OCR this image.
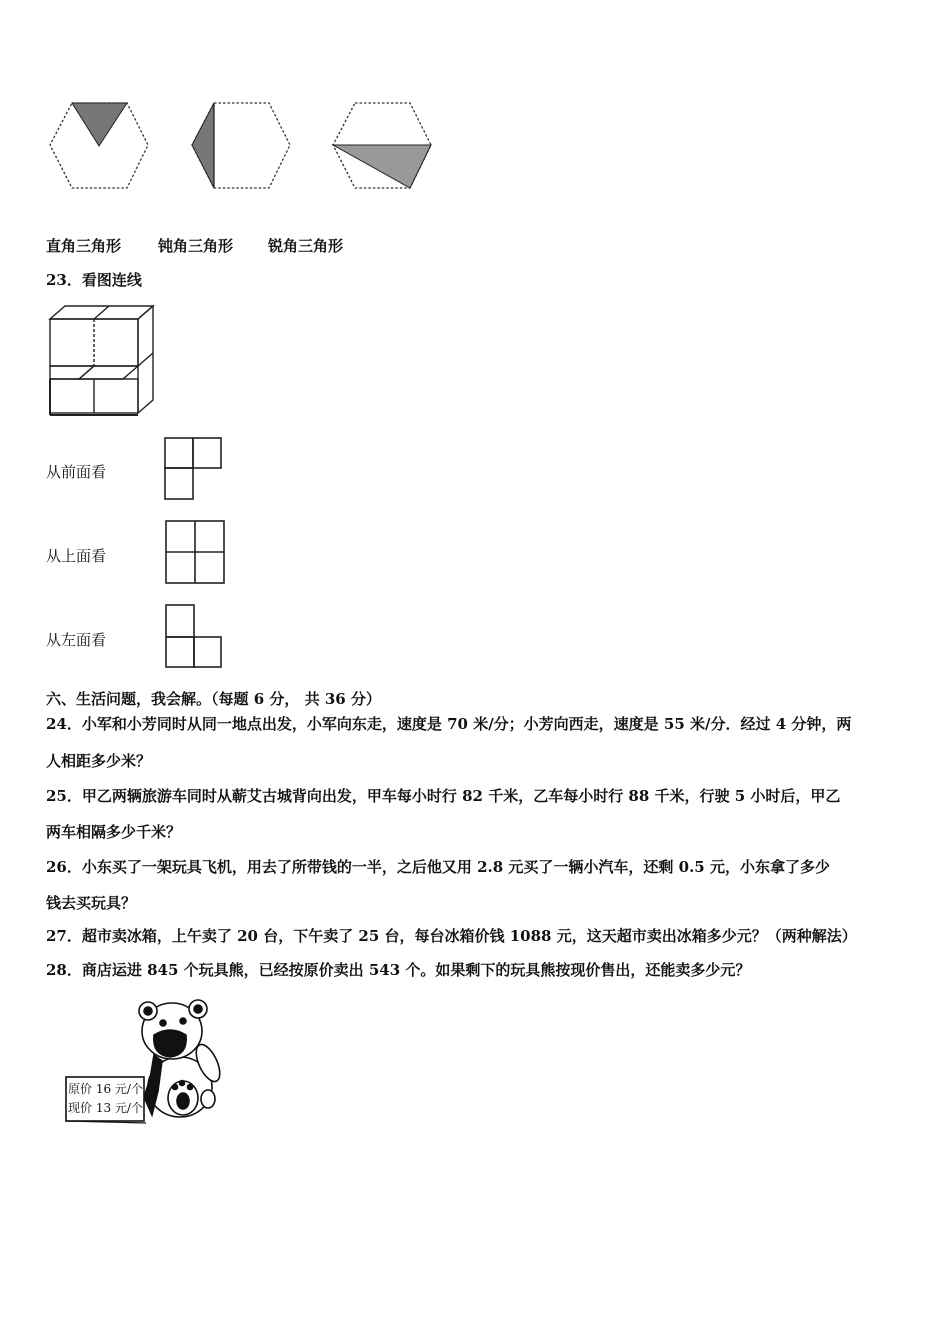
直角三角形 钝角三角形 锐角三角形
23．看图连线
从前面看
从上面看
从左面看
六、生活问题，我会解。（每题 6 分， 共 36 分）
24．小军和小芳同时从同一地点出发，小军向东走，速度是 70 米/分；小芳向西走，速度是 55 米/分．经过 4 分钟，两
人相距多少米？
25．甲乙两辆旅游车同时从蕲艾古城背向出发，甲车每小时行 82 千米，乙车每小时行 88 千米，行驶 5 小时后，甲乙
两车相隔多少千米？
26．小东买了一架玩具飞机，用去了所带钱的一半，之后他又用 2.8 元买了一辆小汽车，还剩 0.5 元，小东拿了多少
钱去买玩具？
27．超市卖冰箱，上午卖了 20 台，下午卖了 25 台，每台冰箱价钱 1088 元，这天超市卖出冰箱多少元？（两种解法）
28．商店运进 845 个玩具熊，已经按原价卖出 543 个。如果剩下的玩具熊按现价售出，还能卖多少元？
原价 16 元/个
现价 13 元/个
